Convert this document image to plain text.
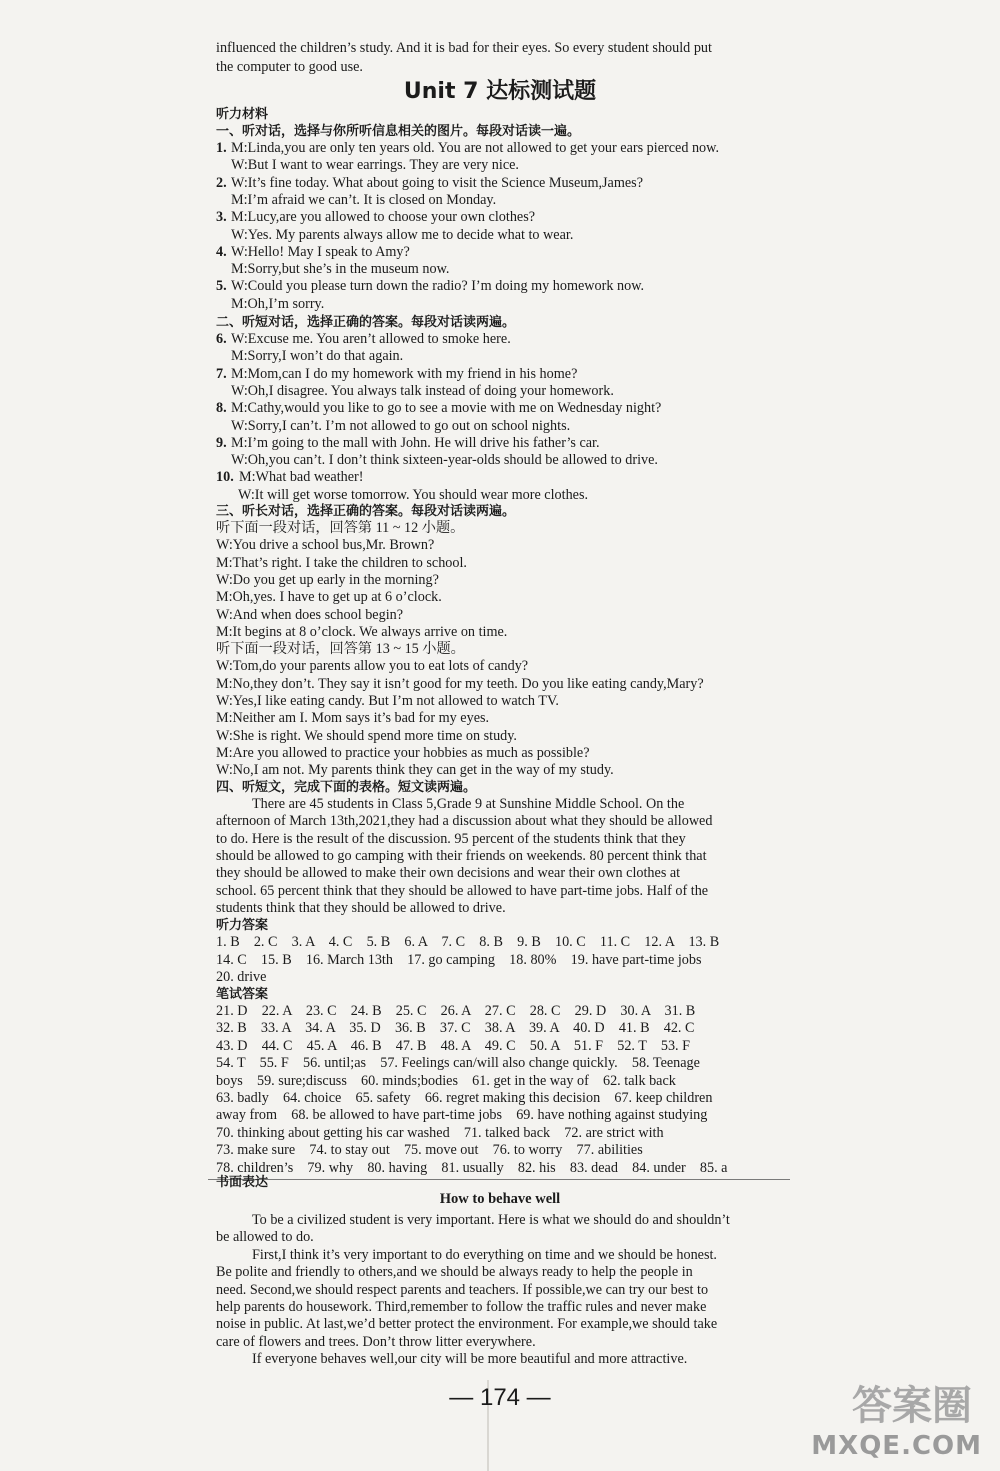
influenced the children’s study. And it is bad for their eyes. So every student should put
the computer to good use.
Unit 7 达标测试题
听力材料
一、听对话，选择与你所听信息相关的图片。每段对话读一遍。
1. M:Linda,you are only ten years old. You are not allowed to get your ears pierced now.
W:But I want to wear earrings. They are very nice.
2. W:It’s fine today. What about going to visit the Science Museum,James?
M:I’m afraid we can’t. It is closed on Monday.
3. M:Lucy,are you allowed to choose your own clothes?
W:Yes. My parents always allow me to decide what to wear.
4. W:Hello! May I speak to Amy?
M:Sorry,but she’s in the museum now.
5. W:Could you please turn down the radio? I’m doing my homework now.
M:Oh,I’m sorry.
二、听短对话，选择正确的答案。每段对话读两遍。
6. W:Excuse me. You aren’t allowed to smoke here.
M:Sorry,I won’t do that again.
7. M:Mom,can I do my homework with my friend in his home?
W:Oh,I disagree. You always talk instead of doing your homework.
8. M:Cathy,would you like to go to see a movie with me on Wednesday night?
W:Sorry,I can’t. I’m not allowed to go out on school nights.
9. M:I’m going to the mall with John. He will drive his father’s car.
W:Oh,you can’t. I don’t think sixteen-year-olds should be allowed to drive.
10. M:What bad weather!
W:It will get worse tomorrow. You should wear more clothes.
三、听长对话，选择正确的答案。每段对话读两遍。
听下面一段对话，回答第 11 ~ 12 小题。
W:You drive a school bus,Mr. Brown?
M:That’s right. I take the children to school.
W:Do you get up early in the morning?
M:Oh,yes. I have to get up at 6 o’clock.
W:And when does school begin?
M:It begins at 8 o’clock. We always arrive on time.
听下面一段对话，回答第 13 ~ 15 小题。
W:Tom,do your parents allow you to eat lots of candy?
M:No,they don’t. They say it isn’t good for my teeth. Do you like eating candy,Mary?
W:Yes,I like eating candy. But I’m not allowed to watch TV.
M:Neither am I. Mom says it’s bad for my eyes.
W:She is right. We should spend more time on study.
M:Are you allowed to practice your hobbies as much as possible?
W:No,I am not. My parents think they can get in the way of my study.
四、听短文，完成下面的表格。短文读两遍。
There are 45 students in Class 5,Grade 9 at Sunshine Middle School. On the
afternoon of March 13th,2021,they had a discussion about what they should be allowed
to do. Here is the result of the discussion. 95 percent of the students think that they
should be allowed to go camping with their friends on weekends. 80 percent think that
they should be allowed to make their own decisions and wear their own clothes at
school. 65 percent think that they should be allowed to have part-time jobs. Half of the
students think that they should be allowed to drive.
听力答案
1. B　2. C　3. A　4. C　5. B　6. A　7. C　8. B　9. B　10. C　11. C　12. A　13. B
14. C　15. B　16. March 13th　17. go camping　18. 80%　19. have part-time jobs
20. drive
笔试答案
21. D　22. A　23. C　24. B　25. C　26. A　27. C　28. C　29. D　30. A　31. B
32. B　33. A　34. A　35. D　36. B　37. C　38. A　39. A　40. D　41. B　42. C
43. D　44. C　45. A　46. B　47. B　48. A　49. C　50. A　51. F　52. T　53. F
54. T　55. F　56. until;as　57. Feelings can/will also change quickly.　58. Teenage
boys　59. sure;discuss　60. minds;bodies　61. get in the way of　62. talk back
63. badly　64. choice　65. safety　66. regret making this decision　67. keep children
away from　68. be allowed to have part-time jobs　69. have nothing against studying
70. thinking about getting his car washed　71. talked back　72. are strict with
73. make sure　74. to stay out　75. move out　76. to worry　77. abilities
78. children’s　79. why　80. having　81. usually　82. his　83. dead　84. under　85. a
书面表达
How to behave well
To be a civilized student is very important. Here is what we should do and shouldn’t
be allowed to do.
First,I think it’s very important to do everything on time and we should be honest.
Be polite and friendly to others,and we should be always ready to help the people in
need. Second,we should respect parents and teachers. If possible,we can try our best to
help parents do housework. Third,remember to follow the traffic rules and never make
noise in public. At last,we’d better protect the environment. For example,we should take
care of flowers and trees. Don’t throw litter everywhere.
If everyone behaves well,our city will be more beautiful and more attractive.
— 174 —	答案圈
MXQE.COM
